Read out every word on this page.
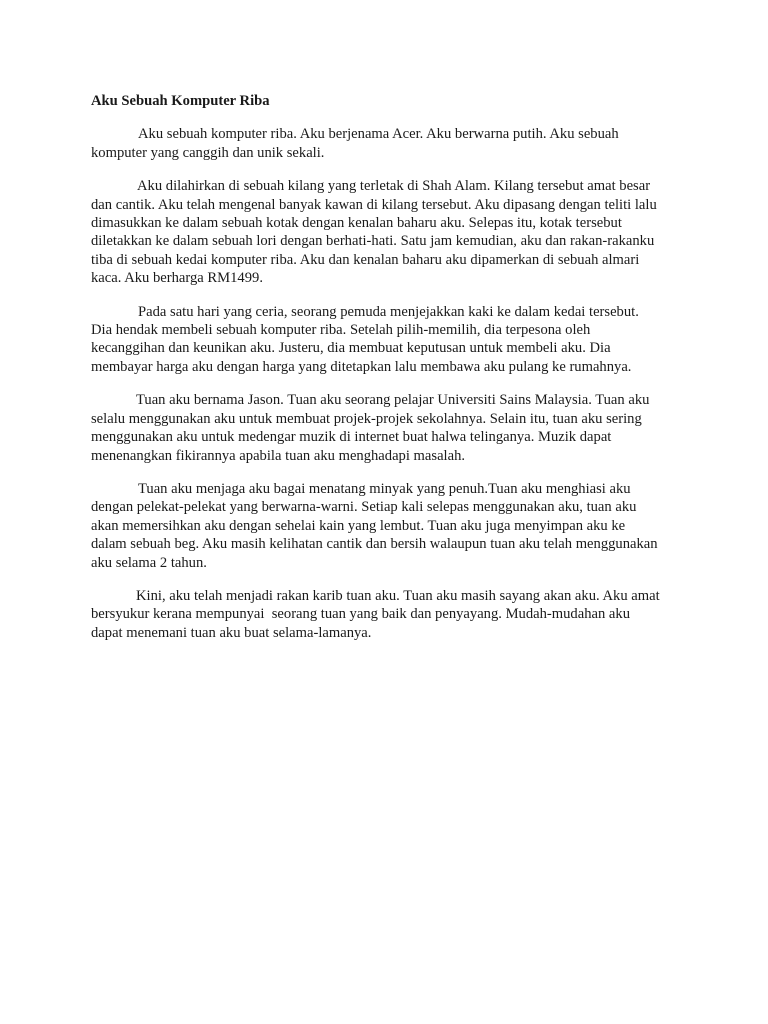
Aku Sebuah Komputer Riba
Aku sebuah komputer riba. Aku berjenama Acer. Aku berwarna putih. Aku sebuah
komputer yang canggih dan unik sekali.
Aku dilahirkan di sebuah kilang yang terletak di Shah Alam. Kilang tersebut amat besar
dan cantik. Aku telah mengenal banyak kawan di kilang tersebut. Aku dipasang dengan teliti lalu
dimasukkan ke dalam sebuah kotak dengan kenalan baharu aku. Selepas itu, kotak tersebut
diletakkan ke dalam sebuah lori dengan berhati-hati. Satu jam kemudian, aku dan rakan-rakanku
tiba di sebuah kedai komputer riba. Aku dan kenalan baharu aku dipamerkan di sebuah almari
kaca. Aku berharga RM1499.
Pada satu hari yang ceria, seorang pemuda menjejakkan kaki ke dalam kedai tersebut.
Dia hendak membeli sebuah komputer riba. Setelah pilih-memilih, dia terpesona oleh
kecanggihan dan keunikan aku. Justeru, dia membuat keputusan untuk membeli aku. Dia
membayar harga aku dengan harga yang ditetapkan lalu membawa aku pulang ke rumahnya.
Tuan aku bernama Jason. Tuan aku seorang pelajar Universiti Sains Malaysia. Tuan aku
selalu menggunakan aku untuk membuat projek-projek sekolahnya. Selain itu, tuan aku sering
menggunakan aku untuk medengar muzik di internet buat halwa telinganya. Muzik dapat
menenangkan fikirannya apabila tuan aku menghadapi masalah.
Tuan aku menjaga aku bagai menatang minyak yang penuh.Tuan aku menghiasi aku
dengan pelekat-pelekat yang berwarna-warni. Setiap kali selepas menggunakan aku, tuan aku
akan memersihkan aku dengan sehelai kain yang lembut. Tuan aku juga menyimpan aku ke
dalam sebuah beg. Aku masih kelihatan cantik dan bersih walaupun tuan aku telah menggunakan
aku selama 2 tahun.
Kini, aku telah menjadi rakan karib tuan aku. Tuan aku masih sayang akan aku. Aku amat
bersyukur kerana mempunyai  seorang tuan yang baik dan penyayang. Mudah-mudahan aku
dapat menemani tuan aku buat selama-lamanya.
